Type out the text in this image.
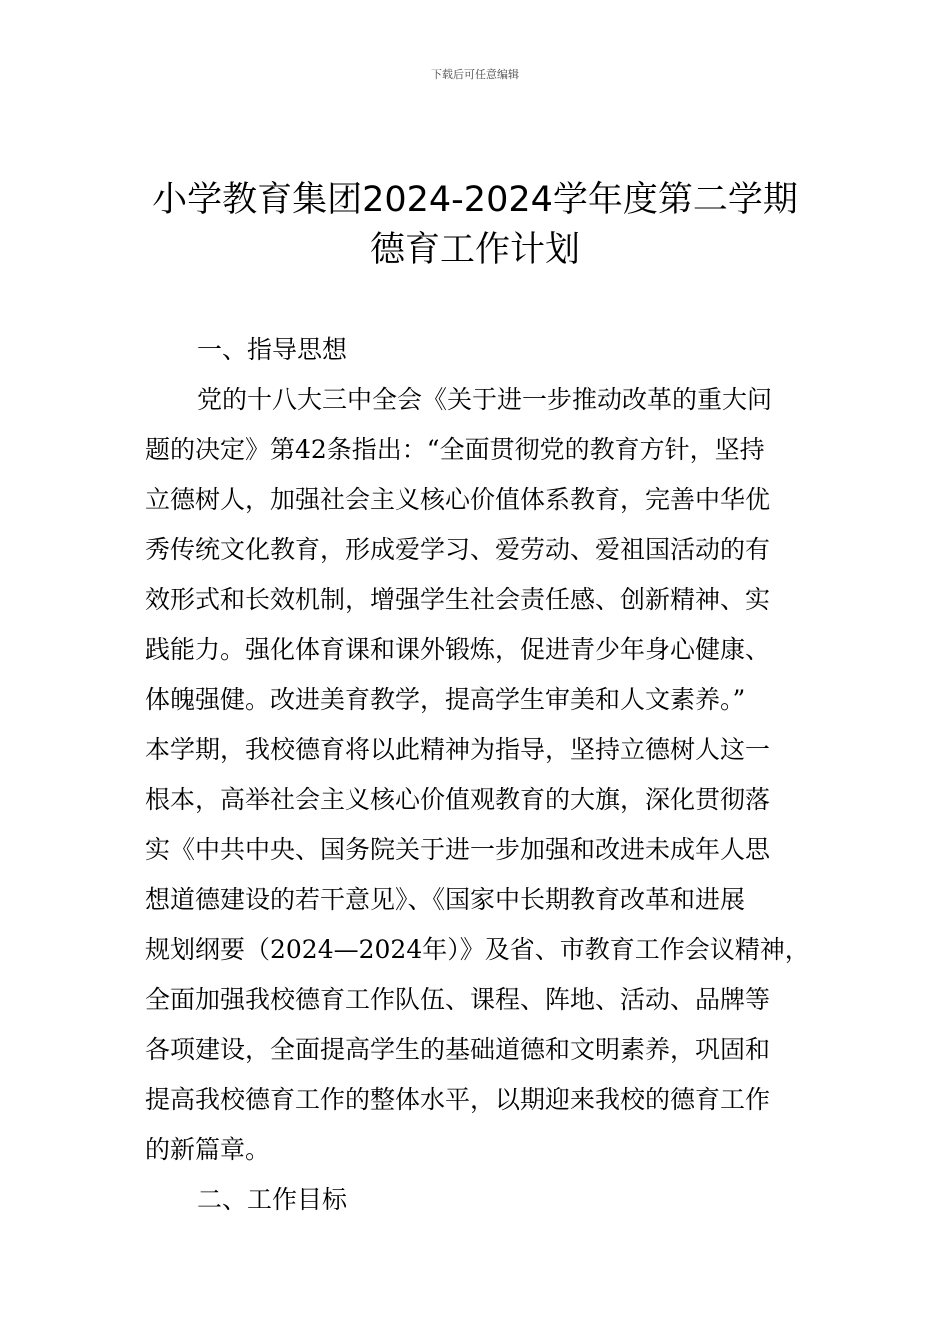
下载后可任意编辑
小学教育集团2024-2024学年度第二学期
德育工作计划
一、指导思想

党的十八大三中全会《关于进一步推动改革的重大问
题的决定》第42条指出：“全面贯彻党的教育方针，坚持
立德树人，加强社会主义核心价值体系教育，完善中华优
秀传统文化教育，形成爱学习、爱劳动、爱祖国活动的有
效形式和长效机制，增强学生社会责任感、创新精神、实
践能力。强化体育课和课外锻炼，促进青少年身心健康、
体魄强健。改进美育教学，提高学生审美和人文素养。”
本学期，我校德育将以此精神为指导，坚持立德树人这一
根本，高举社会主义核心价值观教育的大旗，深化贯彻落
实《中共中央、国务院关于进一步加强和改进未成年人思
想道德建设的若干意见》、《国家中长期教育改革和进展
规划纲要（2024—2024年）》及省、市教育工作会议精神，
全面加强我校德育工作队伍、课程、阵地、活动、品牌等
各项建设，全面提高学生的基础道德和文明素养，巩固和
提高我校德育工作的整体水平，以期迎来我校的德育工作
的新篇章。

二、工作目标
